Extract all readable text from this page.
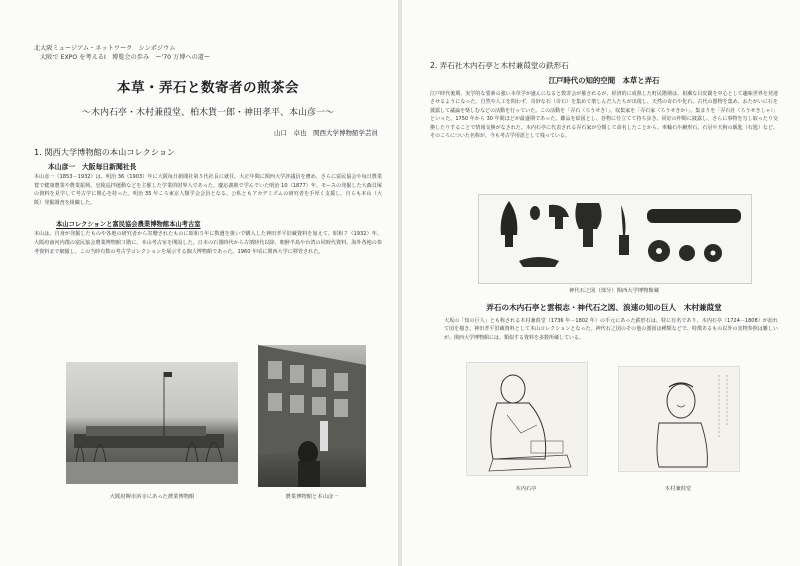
北大阪ミュージアム・ネットワーク　シンポジウム
大阪で EXPO を考えるⅠ　博覧会の歩み　ー'70 万博への道ー
本草・弄石と数寄者の煎茶会
〜木内石亭・木村兼葭堂、柏木貨一郎・神田孝平、本山彦一〜
山口　卓也　関西大学博物館学芸員
1. 関西大学博物館の本山コレクション
本山彦一　大阪毎日新聞社長
本山彦一（1853－1932）は、明治 36（1903）年に大阪毎日新聞社第５代社長に就任。大正年間に関西大学評議員を務め、さらに富民協会や毎日農業賞で健康農業や農業振興、皇陵巡拝運動などを主催した学業的財界人であった。慶応義塾で学んでいた明治 10（1877）年、モースの発掘した大森貝塚の資料を見学して考古学に関心を持った。明治 35 年ころ東京人類学会会員となる。公私ともアカデミズムの研究者を手厚く支援し、自らも本山（大阪）発掘調査を組織した。
本山コレクションと富民協会農業博物館本山考古室
本山は、自身が発掘したものや各地の研究者から寄贈されたものに昭和５年に数遺を扱いで購入した神田孝平旧蔵資料を加えて、昭和７（1932）年、大阪府南河内郡の富民協会農業博物館３階に、本山考古室を開設した。日本の石器時代から古墳時代以降、朝鮮半島や台湾の同時代資料、海外各地の参考資料まで網羅し、この当時有数の考古学コレクションを展示する個人博物館であった。1960 年頃に関西大学に移管された。
大阪府堺市浜寺にあった農業博物館	農業博物館と本山彦一
2. 弄石社木内石亭と木村兼葭堂の鉄形石
江戸時代の知的空間　本草と弄石
江戸時代後期、実学的な要素の強い本草学が盛んになると数寄会が催されるが、経済的に成熟した町民階層は、祖瀬な目皮観を中心として趣味世界を発達させるようになった。自然や人工を問わず、奇妙な石（奇石）を集めて楽しんだ人たちが出現し、天然の奇石や化石、古代の器物を集め、おたがいに石を披露して議論を楽しむなどの活動を行っていた。この活動を「弄石（ろうせき）」、収集家を「弄石家（ろうせきか）」、集まりを「弄石社（ろうせきしゃ）」といった。1750 年から 30 年間ほどが最盛期であった。鑑品を絵図とし、巻物に仕立てて持ち歩き、同好の仲間に披露し、さらに事物を写し取ったり交換したりすることで情報交換がなされた。木内石亭に代表される弄石家が分類して命名したことから、車輪石や鍬形石、石冠や天狗の飯匙（石匙）など、そのころについた名称が、今も考古学用語として残っている。
神代石之図（部分）関西大学博物館蔵
弄石の木内石亭と雲根志・神代石之図、浪速の知の巨人　木村兼葭堂
大坂の「知の巨人」とも称される木村兼葭堂（1736 年－1802 年）の手元にあった鉄形石は、特に有名であり、木内石亭（1724－1808）が訪れて図を描き、神田孝平旧蔵資料として本山コレクションとなった。神代石之図のその他の器図は種類などで、特徴あるもの以外の実物参照は難しいが、関西大学博物館には、類似する資料を多数所蔵している。
木内石亭	木村兼葭堂
